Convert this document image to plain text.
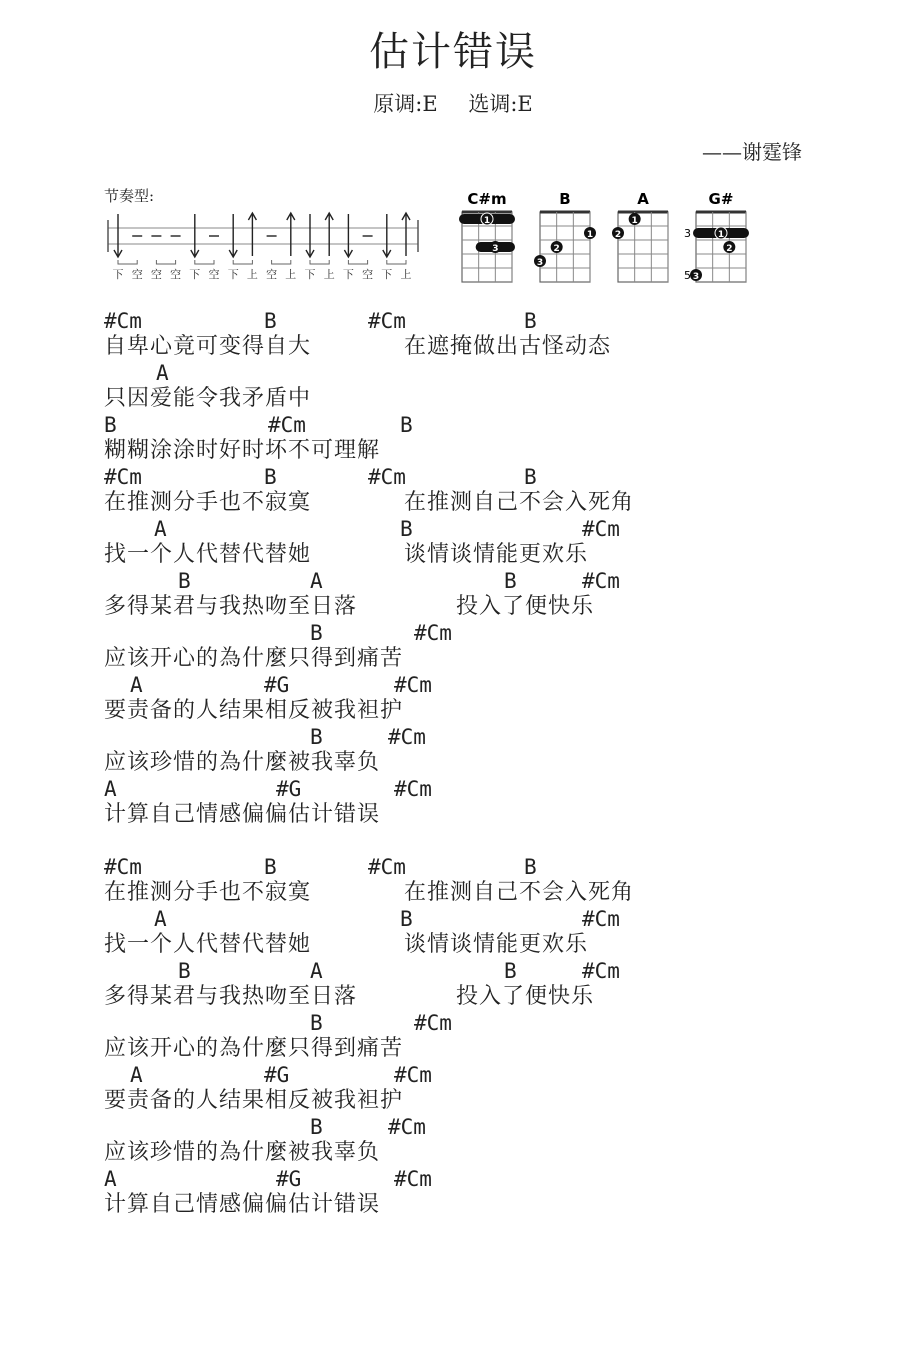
估计错误
原调:E 选调:E
——谢霆锋
节奏型:
下 空 空 空 下 空 下 上 空 上 下 上 下 空 下 上
C#m
1
3
B
1
2
3
A
1
2
G#
1
2
3
3
5
#Cm	B	#Cm	B
自卑心竟可变得自大	在遮掩做出古怪动态
A
只因爱能令我矛盾中
B	#Cm	B
糊糊涂涂时好时坏不可理解
#Cm	B	#Cm	B
在推测分手也不寂寞	在推测自己不会入死角
A	B	#Cm
找一个人代替代替她	谈情谈情能更欢乐
B	A	B	#Cm
多得某君与我热吻至日落	投入了便快乐
B	#Cm
应该开心的為什麼只得到痛苦
A	#G	#Cm
要责备的人结果相反被我袒护
B	#Cm
应该珍惜的為什麼被我辜负
A	#G	#Cm
计算自己情感偏偏估计错误
#Cm	B	#Cm	B
在推测分手也不寂寞	在推测自己不会入死角
A	B	#Cm
找一个人代替代替她	谈情谈情能更欢乐
B	A	B	#Cm
多得某君与我热吻至日落	投入了便快乐
B	#Cm
应该开心的為什麼只得到痛苦
A	#G	#Cm
要责备的人结果相反被我袒护
B	#Cm
应该珍惜的為什麼被我辜负
A	#G	#Cm
计算自己情感偏偏估计错误
